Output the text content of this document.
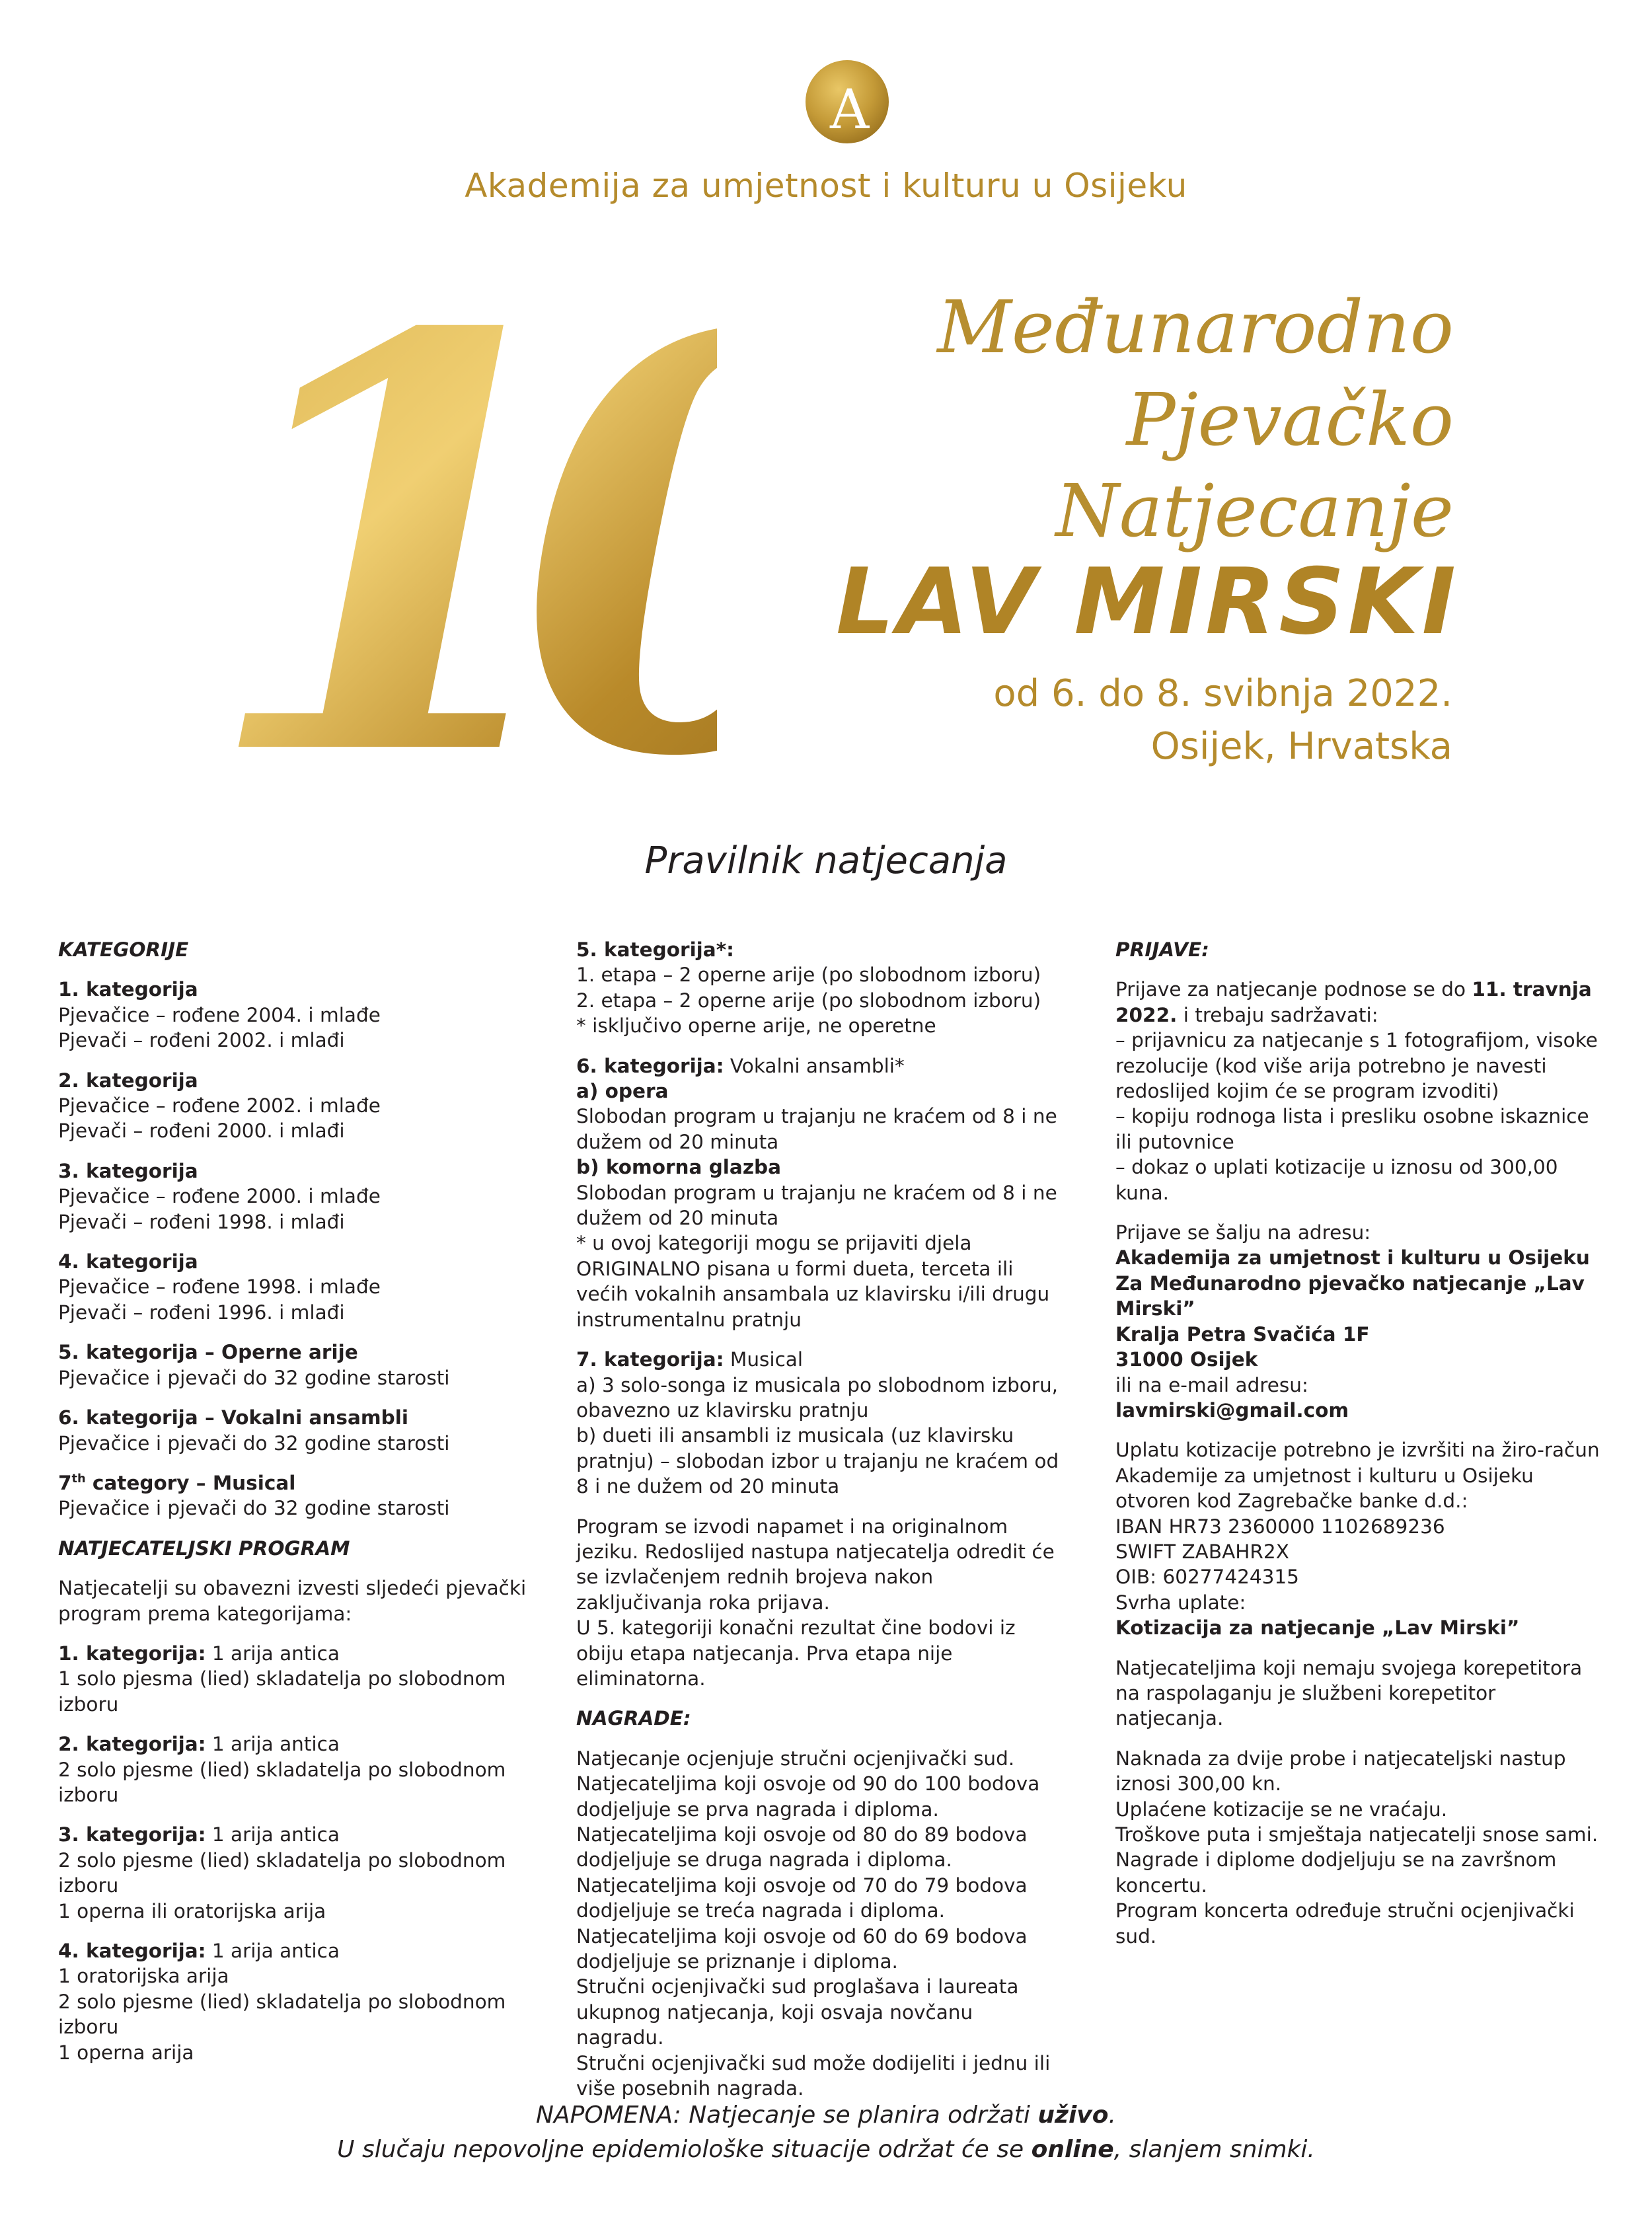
A
Akademija za umjetnost i kulturu u Osijeku
1	Međunarodno
Pjevačko
Natjecanje
LAV MIRSKI
od 6. do 8. svibnja 2022.
Osijek, Hrvatska
Pravilnik natjecanja

KATEGORIJE

1. kategorija
Pjevačice – rođene 2004. i mlađe
Pjevači – rođeni 2002. i mlađi

2. kategorija
Pjevačice – rođene 2002. i mlađe
Pjevači – rođeni 2000. i mlađi

3. kategorija
Pjevačice – rođene 2000. i mlađe
Pjevači – rođeni 1998. i mlađi

4. kategorija
Pjevačice – rođene 1998. i mlađe
Pjevači – rođeni 1996. i mlađi

5. kategorija – Operne arije
Pjevačice i pjevači do 32 godine starosti

6. kategorija – Vokalni ansambli
Pjevačice i pjevači do 32 godine starosti

7th category – Musical
Pjevačice i pjevači do 32 godine starosti

NATJECATELJSKI PROGRAM

Natjecatelji su obavezni izvesti sljedeći pjevački program prema kategorijama:

1. kategorija: 1 arija antica
1 solo pjesma (lied) skladatelja po slobodnom izboru

2. kategorija: 1 arija antica
2 solo pjesme (lied) skladatelja po slobodnom izboru

3. kategorija: 1 arija antica
2 solo pjesme (lied) skladatelja po slobodnom izboru
1 operna ili oratorijska arija

4. kategorija: 1 arija antica
1 oratorijska arija
2 solo pjesme (lied) skladatelja po slobodnom izboru
1 operna arija

5. kategorija*:
1. etapa – 2 operne arije (po slobodnom izboru)
2. etapa – 2 operne arije (po slobodnom izboru)
* isključivo operne arije, ne operetne

6. kategorija: Vokalni ansambli*
a) opera
Slobodan program u trajanju ne kraćem od 8 i ne dužem od 20 minuta
b) komorna glazba
Slobodan program u trajanju ne kraćem od 8 i ne dužem od 20 minuta
* u ovoj kategoriji mogu se prijaviti djela ORIGINALNO pisana u formi dueta, terceta ili većih vokalnih ansambala uz klavirsku i/ili drugu instrumentalnu pratnju

7. kategorija: Musical
a) 3 solo-songa iz musicala po slobodnom izboru, obavezno uz klavirsku pratnju
b) dueti ili ansambli iz musicala (uz klavirsku pratnju) – slobodan izbor u trajanju ne kraćem od 8 i ne dužem od 20 minuta

Program se izvodi napamet i na originalnom jeziku. Redoslijed nastupa natjecatelja odredit će se izvlačenjem rednih brojeva nakon zaključivanja roka prijava.
U 5. kategoriji konačni rezultat čine bodovi iz obiju etapa natjecanja. Prva etapa nije eliminatorna.

NAGRADE:

Natjecanje ocjenjuje stručni ocjenjivački sud.
Natjecateljima koji osvoje od 90 do 100 bodova dodjeljuje se prva nagrada i diploma.
Natjecateljima koji osvoje od 80 do 89 bodova dodjeljuje se druga nagrada i diploma.
Natjecateljima koji osvoje od 70 do 79 bodova dodjeljuje se treća nagrada i diploma.
Natjecateljima koji osvoje od 60 do 69 bodova dodjeljuje se priznanje i diploma.
Stručni ocjenjivački sud proglašava i laureata ukupnog natjecanja, koji osvaja novčanu nagradu.
Stručni ocjenjivački sud može dodijeliti i jednu ili više posebnih nagrada.

PRIJAVE:

Prijave za natjecanje podnose se do 11. travnja 2022. i trebaju sadržavati:
– prijavnicu za natjecanje s 1 fotografijom, visoke rezolucije (kod više arija potrebno je navesti redoslijed kojim će se program izvoditi)
– kopiju rodnoga lista i presliku osobne iskaznice ili putovnice
– dokaz o uplati kotizacije u iznosu od 300,00 kuna.

Prijave se šalju na adresu:
Akademija za umjetnost i kulturu u Osijeku
Za Međunarodno pjevačko natjecanje „Lav Mirski”
Kralja Petra Svačića 1F
31000 Osijek
ili na e-mail adresu:
lavmirski@gmail.com

Uplatu kotizacije potrebno je izvršiti na žiro-račun Akademije za umjetnost i kulturu u Osijeku otvoren kod Zagrebačke banke d.d.:
IBAN HR73 2360000 1102689236
SWIFT ZABAHR2X
OIB: 60277424315
Svrha uplate:
Kotizacija za natjecanje „Lav Mirski”

Natjecateljima koji nemaju svojega korepetitora na raspolaganju je službeni korepetitor natjecanja.

Naknada za dvije probe i natjecateljski nastup iznosi 300,00 kn.
Uplaćene kotizacije se ne vraćaju.
Troškove puta i smještaja natjecatelji snose sami.
Nagrade i diplome dodjeljuju se na završnom koncertu.
Program koncerta određuje stručni ocjenjivački sud.

NAPOMENA: Natjecanje se planira održati uživo.
U slučaju nepovoljne epidemiološke situacije održat će se online, slanjem snimki.
